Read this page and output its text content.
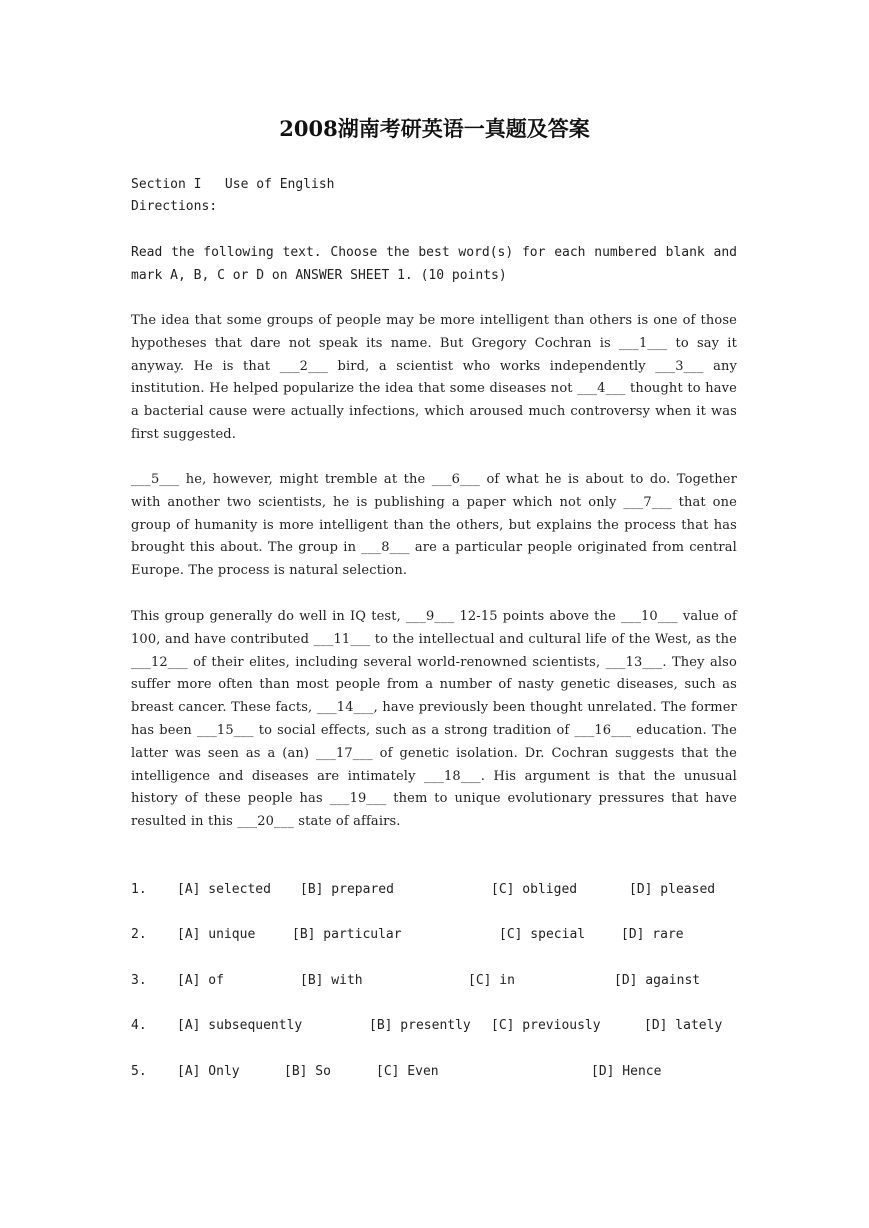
2008湖南考研英语一真题及答案
Section I   Use of English
Directions:

Read the following text. Choose the best word(s) for each numbered blank and mark A, B, C or D on ANSWER SHEET 1. (10 points)

The idea that some groups of people may be more intelligent than others is one of those hypotheses that dare not speak its name. But Gregory Cochran is ___1___ to say it anyway. He is that ___2___ bird, a scientist who works independently ___3___ any institution. He helped popularize the idea that some diseases not ___4___ thought to have a bacterial cause were actually infections, which aroused much controversy when it was first suggested.

___5___ he, however, might tremble at the ___6___ of what he is about to do. Together with another two scientists, he is publishing a paper which not only ___7___ that one group of humanity is more intelligent than the others, but explains the process that has brought this about. The group in ___8___ are a particular people originated from central Europe. The process is natural selection.

This group generally do well in IQ test, ___9___ 12-15 points above the ___10___ value of 100, and have contributed ___11___ to the intellectual and cultural life of the West, as the ___12___ of their elites, including several world-renowned scientists, ___13___. They also suffer more often than most people from a number of nasty genetic diseases, such as breast cancer. These facts, ___14___, have previously been thought unrelated. The former has been ___15___ to social effects, such as a strong tradition of ___16___ education. The latter was seen as a (an) ___17___ of genetic isolation. Dr. Cochran suggests that the intelligence and diseases are intimately ___18___. His argument is that the unusual history of these people has ___19___ them to unique evolutionary pressures that have resulted in this ___20___ state of affairs.

1. [A] selected [B] prepared	[C] obliged	[D] pleased
2. [A] unique	[B] particular	[C] special	[D] rare
3. [A] of	[B] with	[C] in	[D] against
4. [A] subsequently	[B] presently [C] previously	[D] lately
5. [A] Only	[B] So	[C] Even	[D] Hence
